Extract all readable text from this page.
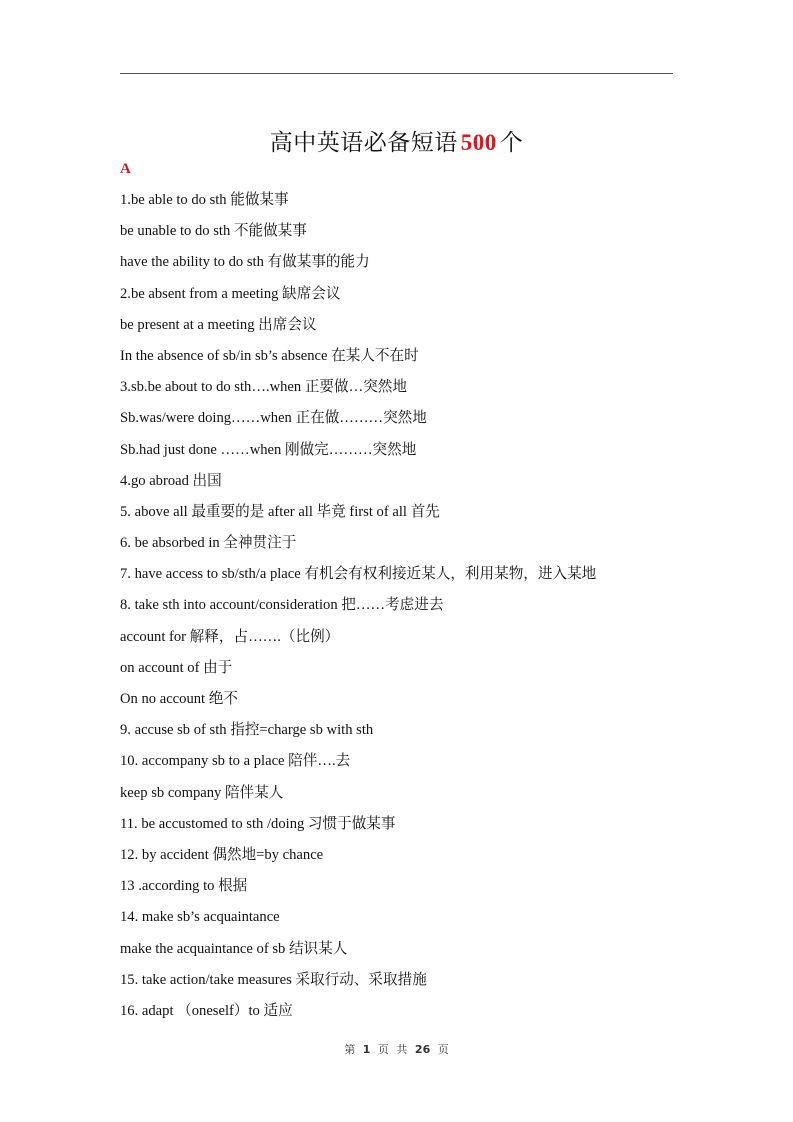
高中英语必备短语 500 个
A
1.be able to do sth 能做某事
be unable to do sth 不能做某事
have the ability to do sth 有做某事的能力
2.be absent from a meeting 缺席会议
be present at a meeting 出席会议
In the absence of sb/in sb’s absence 在某人不在时
3.sb.be about to do sth….when 正要做…突然地
Sb.was/were doing……when 正在做………突然地
Sb.had just done ……when 刚做完………突然地
4.go abroad 出国
5. above all 最重要的是 after all 毕竟 first of all 首先
6. be absorbed in 全神贯注于
7. have access to sb/sth/a place 有机会有权利接近某人，利用某物，进入某地
8. take sth into account/consideration 把……考虑进去
account for 解释，占…….（比例）
on account of 由于
On no account 绝不
9. accuse sb of sth 指控=charge sb with sth
10. accompany sb to a place 陪伴….去
keep sb company 陪伴某人
11. be accustomed to sth /doing 习惯于做某事
12. by accident 偶然地=by chance
13 .according to 根据
14. make sb’s acquaintance
make the acquaintance of sb 结识某人
15. take action/take measures 采取行动、采取措施
16. adapt （oneself）to 适应
第 1 页 共 26 页
